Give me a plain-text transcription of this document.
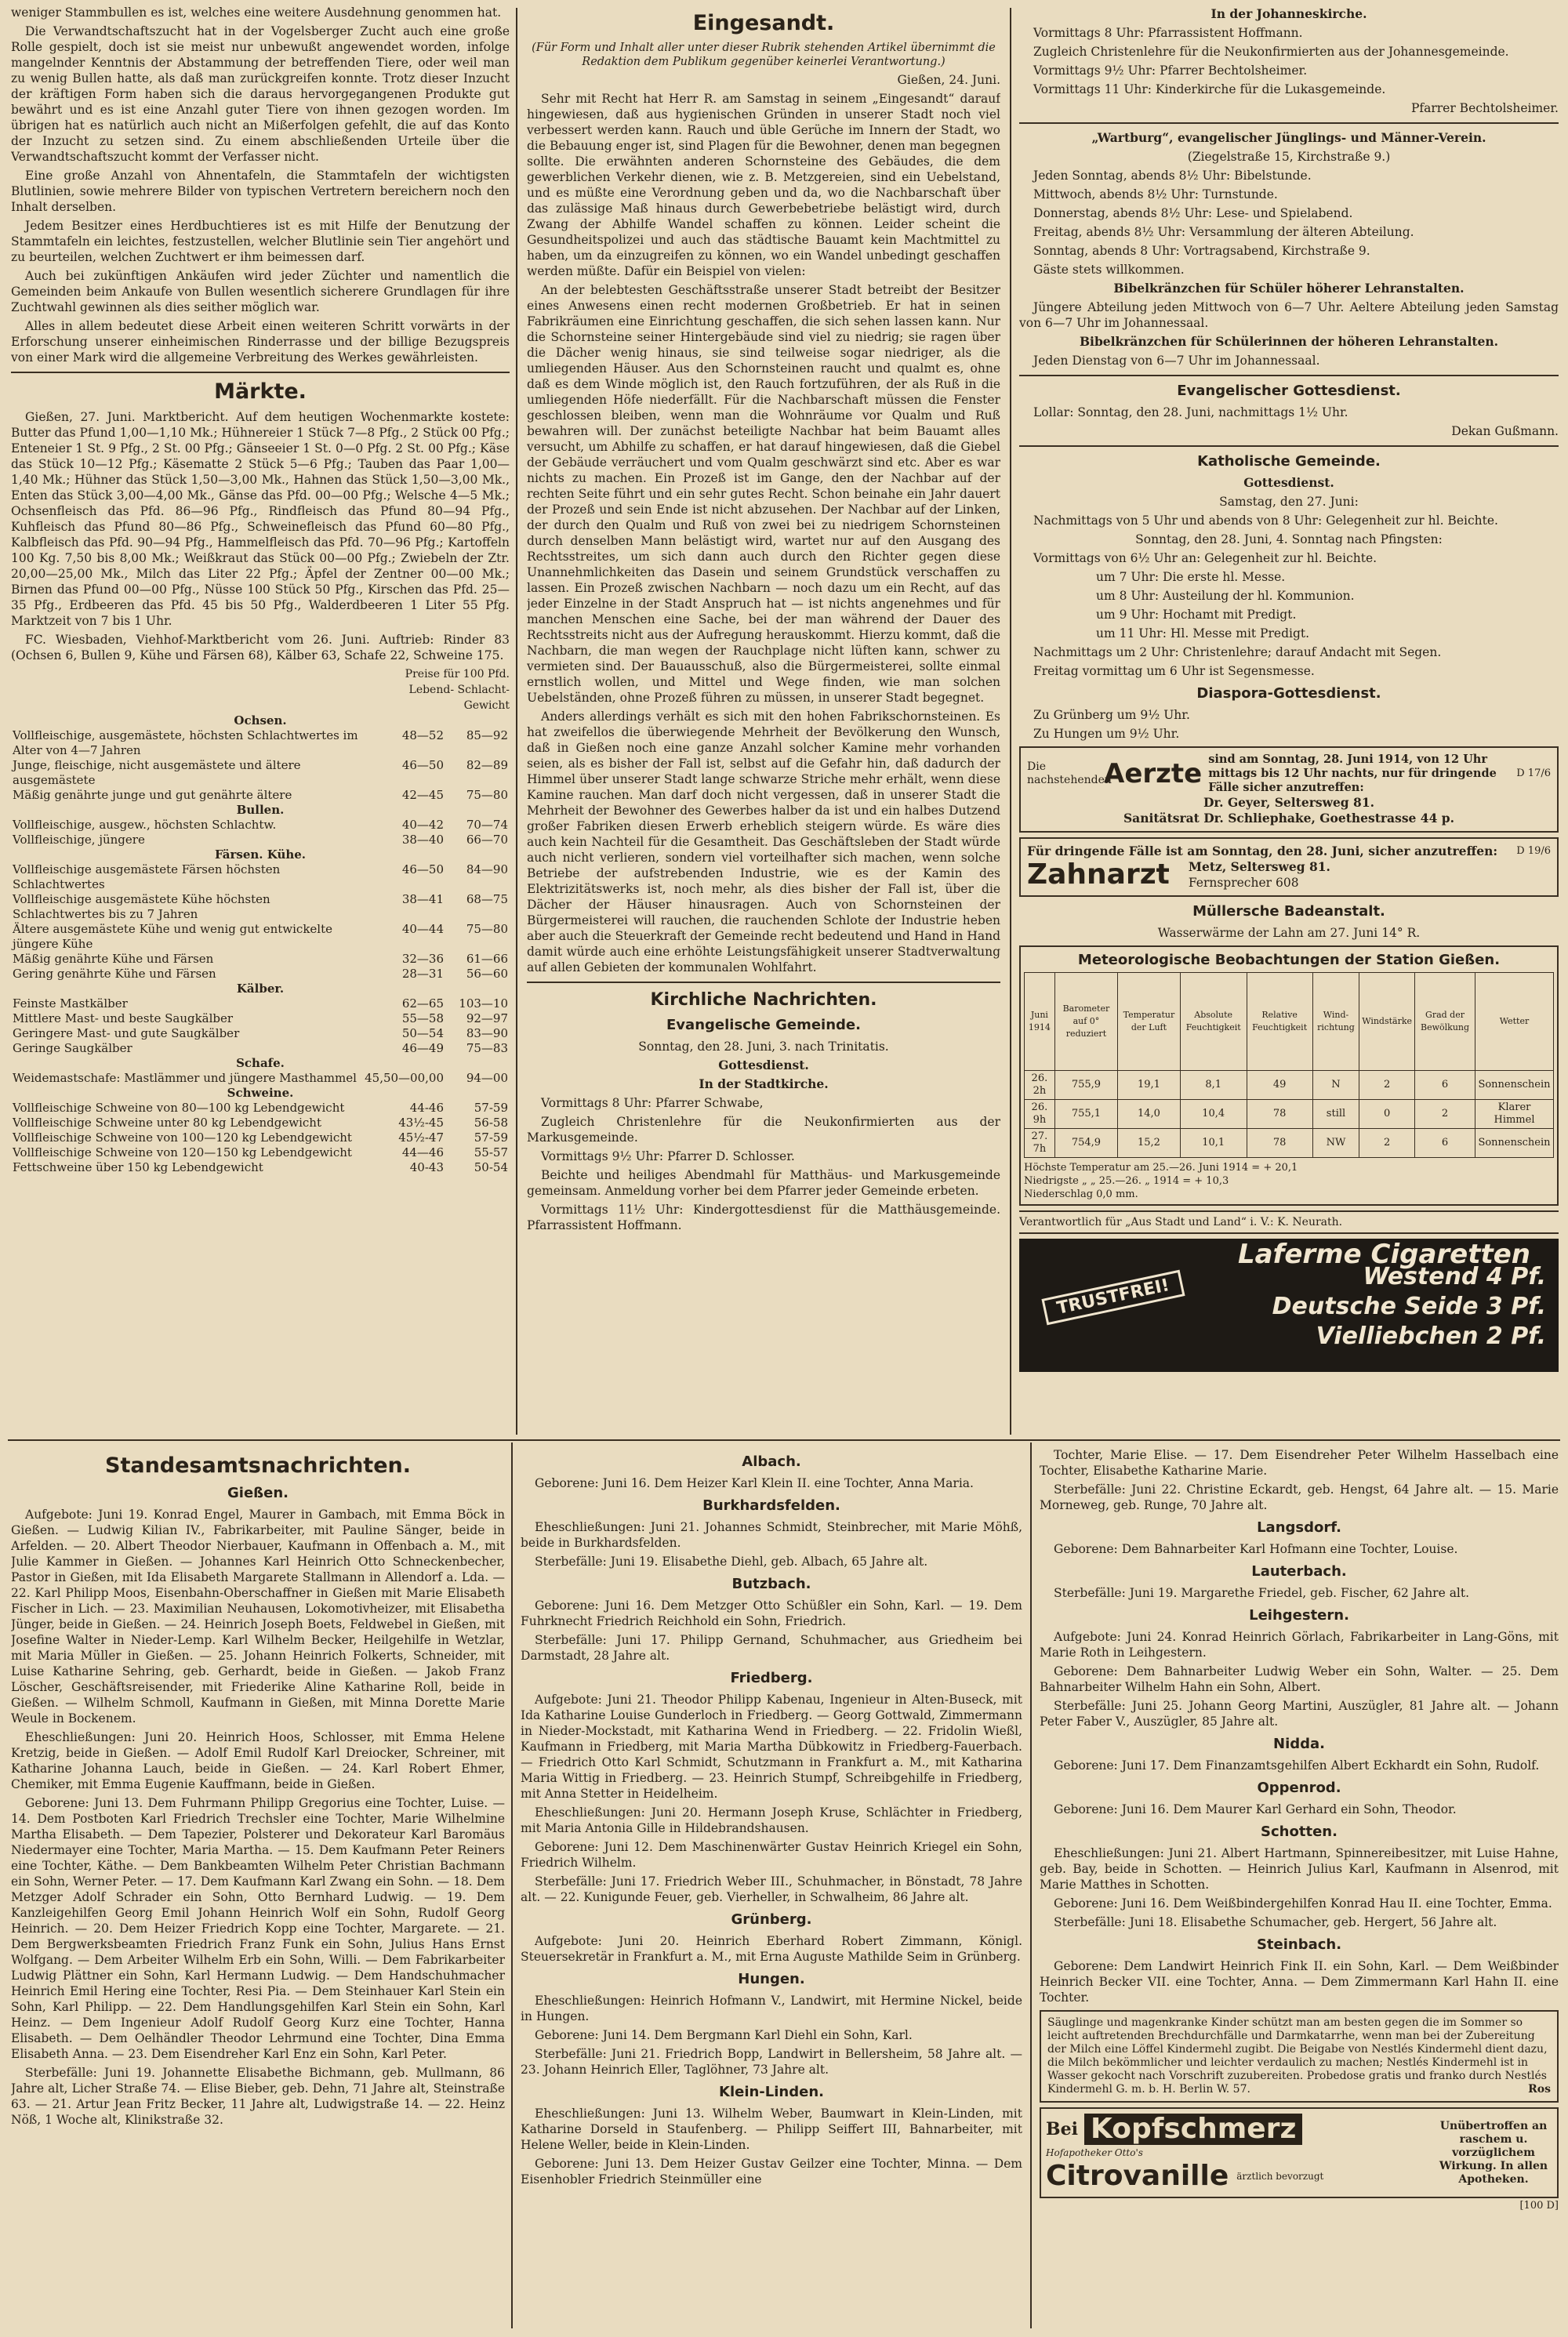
weniger Stammbullen es ist, welches eine weitere Ausdehnung genommen hat.

Die Verwandtschaftszucht hat in der Vogelsberger Zucht auch eine große Rolle gespielt, doch ist sie meist nur unbewußt angewendet worden, infolge mangelnder Kenntnis der Abstammung der betreffenden Tiere, oder weil man zu wenig Bullen hatte, als daß man zurückgreifen konnte. Trotz dieser Inzucht der kräftigen Form haben sich die daraus hervorgegangenen Produkte gut bewährt und es ist eine Anzahl guter Tiere von ihnen gezogen worden. Im übrigen hat es natürlich auch nicht an Mißerfolgen gefehlt, die auf das Konto der Inzucht zu setzen sind. Zu einem abschließenden Urteile über die Verwandtschaftszucht kommt der Verfasser nicht.

Eine große Anzahl von Ahnentafeln, die Stammtafeln der wichtigsten Blutlinien, sowie mehrere Bilder von typischen Vertretern bereichern noch den Inhalt derselben.

Jedem Besitzer eines Herdbuchtieres ist es mit Hilfe der Benutzung der Stammtafeln ein leichtes, festzustellen, welcher Blutlinie sein Tier angehört und zu beurteilen, welchen Zuchtwert er ihm beimessen darf.

Auch bei zukünftigen Ankäufen wird jeder Züchter und namentlich die Gemeinden beim Ankaufe von Bullen wesentlich sicherere Grundlagen für ihre Zuchtwahl gewinnen als dies seither möglich war.

Alles in allem bedeutet diese Arbeit einen weiteren Schritt vorwärts in der Erforschung unserer einheimischen Rinderrasse und der billige Bezugspreis von einer Mark wird die allgemeine Verbreitung des Werkes gewährleisten.

Märkte.

Gießen, 27. Juni. Marktbericht. Auf dem heutigen Wochenmarkte kostete: Butter das Pfund 1,00—1,10 Mk.; Hühnereier 1 Stück 7—8 Pfg., 2 Stück 00 Pfg.; Enteneier 1 St. 9 Pfg., 2 St. 00 Pfg.; Gänseeier 1 St. 0—0 Pfg. 2 St. 00 Pfg.; Käse das Stück 10—12 Pfg.; Käsematte 2 Stück 5—6 Pfg.; Tauben das Paar 1,00—1,40 Mk.; Hühner das Stück 1,50—3,00 Mk., Hahnen das Stück 1,50—3,00 Mk., Enten das Stück 3,00—4,00 Mk., Gänse das Pfd. 00—00 Pfg.; Welsche 4—5 Mk.; Ochsenfleisch das Pfd. 86—96 Pfg., Rindfleisch das Pfund 80—94 Pfg., Kuhfleisch das Pfund 80—86 Pfg., Schweinefleisch das Pfund 60—80 Pfg., Kalbfleisch das Pfd. 90—94 Pfg., Hammelfleisch das Pfd. 70—96 Pfg.; Kartoffeln 100 Kg. 7,50 bis 8,00 Mk.; Weißkraut das Stück 00—00 Pfg.; Zwiebeln der Ztr. 20,00—25,00 Mk., Milch das Liter 22 Pfg.; Äpfel der Zentner 00—00 Mk.; Birnen das Pfund 00—00 Pfg., Nüsse 100 Stück 50 Pfg., Kirschen das Pfd. 25—35 Pfg., Erdbeeren das Pfd. 45 bis 50 Pfg., Walderdbeeren 1 Liter 55 Pfg. Marktzeit von 7 bis 1 Uhr.

FC. Wiesbaden, Viehhof-Marktbericht vom 26. Juni. Auftrieb: Rinder 83 (Ochsen 6, Bullen 9, Kühe und Färsen 68), Kälber 63, Schafe 22, Schweine 175.

Preise für 100 Pfd.
Lebend- Schlacht-
Gewicht
Ochsen.		
Vollfleischige, ausgemästete, höchsten Schlachtwertes im Alter von 4—7 Jahren	48—52	85—92
Junge, fleischige, nicht ausgemästete und ältere ausgemästete	46—50	82—89
Mäßig genährte junge und gut genährte ältere	42—45	75—80
Bullen.		
Vollfleischige, ausgew., höchsten Schlachtw.	40—42	70—74
Vollfleischige, jüngere	38—40	66—70
Färsen. Kühe.		
Vollfleischige ausgemästete Färsen höchsten Schlachtwertes	46—50	84—90
Vollfleischige ausgemästete Kühe höchsten Schlachtwertes bis zu 7 Jahren	38—41	68—75
Ältere ausgemästete Kühe und wenig gut entwickelte jüngere Kühe	40—44	75—80
Mäßig genährte Kühe und Färsen	32—36	61—66
Gering genährte Kühe und Färsen	28—31	56—60
Kälber.		
Feinste Mastkälber	62—65	103—10
Mittlere Mast- und beste Saugkälber	55—58	92—97
Geringere Mast- und gute Saugkälber	50—54	83—90
Geringe Saugkälber	46—49	75—83
Schafe.		
Weidemastschafe: Mastlämmer und jüngere Masthammel	45,50—00,00	94—00
Schweine.		
Vollfleischige Schweine von 80—100 kg Lebendgewicht	44-46	57-59
Vollfleischige Schweine unter 80 kg Lebendgewicht	43½-45	56-58
Vollfleischige Schweine von 100—120 kg Lebendgewicht	45½-47	57-59
Vollfleischige Schweine von 120—150 kg Lebendgewicht	44—46	55-57
Fettschweine über 150 kg Lebendgewicht	40-43	50-54
Eingesandt.
(Für Form und Inhalt aller unter dieser Rubrik stehenden Artikel übernimmt die Redaktion dem Publikum gegenüber keinerlei Verantwortung.)
Gießen, 24. Juni.

Sehr mit Recht hat Herr R. am Samstag in seinem „Eingesandt“ darauf hingewiesen, daß aus hygienischen Gründen in unserer Stadt noch viel verbessert werden kann. Rauch und üble Gerüche im Innern der Stadt, wo die Bebauung enger ist, sind Plagen für die Bewohner, denen man begegnen sollte. Die erwähnten anderen Schornsteine des Gebäudes, die dem gewerblichen Verkehr dienen, wie z. B. Metzgereien, sind ein Uebelstand, und es müßte eine Verordnung geben und da, wo die Nachbarschaft über das zulässige Maß hinaus durch Gewerbebetriebe belästigt wird, durch Zwang der Abhilfe Wandel schaffen zu können. Leider scheint die Gesundheitspolizei und auch das städtische Bauamt kein Machtmittel zu haben, um da einzugreifen zu können, wo ein Wandel unbedingt geschaffen werden müßte. Dafür ein Beispiel von vielen:

An der belebtesten Geschäftsstraße unserer Stadt betreibt der Besitzer eines Anwesens einen recht modernen Großbetrieb. Er hat in seinen Fabrikräumen eine Einrichtung geschaffen, die sich sehen lassen kann. Nur die Schornsteine seiner Hintergebäude sind viel zu niedrig; sie ragen über die Dächer wenig hinaus, sie sind teilweise sogar niedriger, als die umliegenden Häuser. Aus den Schornsteinen raucht und qualmt es, ohne daß es dem Winde möglich ist, den Rauch fortzuführen, der als Ruß in die umliegenden Höfe niederfällt. Für die Nachbarschaft müssen die Fenster geschlossen bleiben, wenn man die Wohnräume vor Qualm und Ruß bewahren will. Der zunächst beteiligte Nachbar hat beim Bauamt alles versucht, um Abhilfe zu schaffen, er hat darauf hingewiesen, daß die Giebel der Gebäude verräuchert und vom Qualm geschwärzt sind etc. Aber es war nichts zu machen. Ein Prozeß ist im Gange, den der Nachbar auf der rechten Seite führt und ein sehr gutes Recht. Schon beinahe ein Jahr dauert der Prozeß und sein Ende ist nicht abzusehen. Der Nachbar auf der Linken, der durch den Qualm und Ruß von zwei bei zu niedrigem Schornsteinen durch denselben Mann belästigt wird, wartet nur auf den Ausgang des Rechtsstreites, um sich dann auch durch den Richter gegen diese Unannehmlichkeiten das Dasein und seinem Grundstück verschaffen zu lassen. Ein Prozeß zwischen Nachbarn — noch dazu um ein Recht, auf das jeder Einzelne in der Stadt Anspruch hat — ist nichts angenehmes und für manchen Menschen eine Sache, bei der man während der Dauer des Rechtsstreits nicht aus der Aufregung herauskommt. Hierzu kommt, daß die Nachbarn, die man wegen der Rauchplage nicht lüften kann, schwer zu vermieten sind. Der Bauausschuß, also die Bürgermeisterei, sollte einmal ernstlich wollen, und Mittel und Wege finden, wie man solchen Uebelständen, ohne Prozeß führen zu müssen, in unserer Stadt begegnet.

Anders allerdings verhält es sich mit den hohen Fabrikschornsteinen. Es hat zweifellos die überwiegende Mehrheit der Bevölkerung den Wunsch, daß in Gießen noch eine ganze Anzahl solcher Kamine mehr vorhanden seien, als es bisher der Fall ist, selbst auf die Gefahr hin, daß dadurch der Himmel über unserer Stadt lange schwarze Striche mehr erhält, wenn diese Kamine rauchen. Man darf doch nicht vergessen, daß in unserer Stadt die Mehrheit der Bewohner des Gewerbes halber da ist und ein halbes Dutzend großer Fabriken diesen Erwerb erheblich steigern würde. Es wäre dies auch kein Nachteil für die Gesamtheit. Das Geschäftsleben der Stadt würde auch nicht verlieren, sondern viel vorteilhafter sich machen, wenn solche Betriebe der aufstrebenden Industrie, wie es der Kamin des Elektrizitätswerks ist, noch mehr, als dies bisher der Fall ist, über die Dächer der Häuser hinausragen. Auch von Schornsteinen der Bürgermeisterei will rauchen, die rauchenden Schlote der Industrie heben aber auch die Steuerkraft der Gemeinde recht bedeutend und Hand in Hand damit würde auch eine erhöhte Leistungsfähigkeit unserer Stadtverwaltung auf allen Gebieten der kommunalen Wohlfahrt.

Kirchliche Nachrichten.
Evangelische Gemeinde.
Sonntag, den 28. Juni, 3. nach Trinitatis.
Gottesdienst.
In der Stadtkirche.

Vormittags 8 Uhr: Pfarrer Schwabe,

Zugleich Christenlehre für die Neukonfirmierten aus der Markusgemeinde.

Vormittags 9½ Uhr: Pfarrer D. Schlosser.

Beichte und heiliges Abendmahl für Matthäus- und Markusgemeinde gemeinsam. Anmeldung vorher bei dem Pfarrer jeder Gemeinde erbeten.

Vormittags 11½ Uhr: Kindergottesdienst für die Matthäusgemeinde. Pfarrassistent Hoffmann.

In der Johanneskirche.

Vormittags 8 Uhr: Pfarrassistent Hoffmann.

Zugleich Christenlehre für die Neukonfirmierten aus der Johannesgemeinde.

Vormittags 9½ Uhr: Pfarrer Bechtolsheimer.

Vormittags 11 Uhr: Kinderkirche für die Lukasgemeinde.

Pfarrer Bechtolsheimer.

„Wartburg“, evangelischer Jünglings- und Männer-Verein.
(Ziegelstraße 15, Kirchstraße 9.)

Jeden Sonntag, abends 8½ Uhr: Bibelstunde.

Mittwoch, abends 8½ Uhr: Turnstunde.

Donnerstag, abends 8½ Uhr: Lese- und Spielabend.

Freitag, abends 8½ Uhr: Versammlung der älteren Abteilung.

Sonntag, abends 8 Uhr: Vortragsabend, Kirchstraße 9.

Gäste stets willkommen.

Bibelkränzchen für Schüler höherer Lehranstalten.

Jüngere Abteilung jeden Mittwoch von 6—7 Uhr. Aeltere Abteilung jeden Samstag von 6—7 Uhr im Johannessaal.

Bibelkränzchen für Schülerinnen der höheren Lehranstalten.

Jeden Dienstag von 6—7 Uhr im Johannessaal.

Evangelischer Gottesdienst.

Lollar: Sonntag, den 28. Juni, nachmittags 1½ Uhr.

Dekan Gußmann.

Katholische Gemeinde.
Gottesdienst.
Samstag, den 27. Juni:

Nachmittags von 5 Uhr und abends von 8 Uhr: Gelegenheit zur hl. Beichte.

Sonntag, den 28. Juni, 4. Sonntag nach Pfingsten:

Vormittags von 6½ Uhr an: Gelegenheit zur hl. Beichte.

um 7 Uhr: Die erste hl. Messe.

um 8 Uhr: Austeilung der hl. Kommunion.

um 9 Uhr: Hochamt mit Predigt.

um 11 Uhr: Hl. Messe mit Predigt.

Nachmittags um 2 Uhr: Christenlehre; darauf Andacht mit Segen.

Freitag vormittag um 6 Uhr ist Segensmesse.

Diaspora-Gottesdienst.

Zu Grünberg um 9½ Uhr.

Zu Hungen um 9½ Uhr.

Die nachstehenden
Aerzte sind am Sonntag, 28. Juni 1914, von 12 Uhr mittags bis 12 Uhr nachts, nur für dringende Fälle sicher anzutreffen:
D 17/6
Dr. Geyer, Seltersweg 81.
Sanitätsrat Dr. Schliephake, Goethestrasse 44 p.
Für dringende Fälle ist am Sonntag, den 28. Juni, sicher anzutreffen:	D 19/6
Zahnarzt Metz, Seltersweg 81.
Fernsprecher 608
Müllersche Badeanstalt.
Wasserwärme der Lahn am 27. Juni 14° R.
Meteorologische Beobachtungen der Station Gießen.
Juni 1914	Barometer auf 0° reduziert	Temperatur der Luft	Absolute Feuchtigkeit	Relative Feuchtigkeit	Wind-richtung	Windstärke	Grad der Bewölkung	Wetter
26. 2h	755,9	19,1	8,1	49	N	2	6	Sonnenschein
26. 9h	755,1	14,0	10,4	78	still	0	2	Klarer Himmel
27. 7h	754,9	15,2	10,1	78	NW	2	6	Sonnenschein
Höchste Temperatur am 25.—26. Juni 1914 = + 20,1
Niedrigste „ „ 25.—26. „ 1914 = + 10,3
Niederschlag 0,0 mm.
Verantwortlich für „Aus Stadt und Land“ i. V.: K. Neurath.
Laferme Cigaretten
TRUSTFREI!	Westend 4 Pf.
Deutsche Seide 3 Pf.
Vielliebchen 2 Pf.
Standesamtsnachrichten.
Gießen.

Aufgebote: Juni 19. Konrad Engel, Maurer in Gambach, mit Emma Böck in Gießen. — Ludwig Kilian IV., Fabrikarbeiter, mit Pauline Sänger, beide in Arfelden. — 20. Albert Theodor Nierbauer, Kaufmann in Offenbach a. M., mit Julie Kammer in Gießen. — Johannes Karl Heinrich Otto Schneckenbecher, Pastor in Gießen, mit Ida Elisabeth Margarete Stallmann in Allendorf a. Lda. — 22. Karl Philipp Moos, Eisenbahn-Oberschaffner in Gießen mit Marie Elisabeth Fischer in Lich. — 23. Maximilian Neuhausen, Lokomotivheizer, mit Elisabetha Jünger, beide in Gießen. — 24. Heinrich Joseph Boets, Feldwebel in Gießen, mit Josefine Walter in Nieder-Lemp. Karl Wilhelm Becker, Heilgehilfe in Wetzlar, mit Maria Müller in Gießen. — 25. Johann Heinrich Folkerts, Schneider, mit Luise Katharine Sehring, geb. Gerhardt, beide in Gießen. — Jakob Franz Löscher, Geschäftsreisender, mit Friederike Aline Katharine Roll, beide in Gießen. — Wilhelm Schmoll, Kaufmann in Gießen, mit Minna Dorette Marie Weule in Bockenem.

Eheschließungen: Juni 20. Heinrich Hoos, Schlosser, mit Emma Helene Kretzig, beide in Gießen. — Adolf Emil Rudolf Karl Dreiocker, Schreiner, mit Katharine Johanna Lauch, beide in Gießen. — 24. Karl Robert Ehmer, Chemiker, mit Emma Eugenie Kauffmann, beide in Gießen.

Geborene: Juni 13. Dem Fuhrmann Philipp Gregorius eine Tochter, Luise. — 14. Dem Postboten Karl Friedrich Trechsler eine Tochter, Marie Wilhelmine Martha Elisabeth. — Dem Tapezier, Polsterer und Dekorateur Karl Baromäus Niedermayer eine Tochter, Maria Martha. — 15. Dem Kaufmann Peter Reiners eine Tochter, Käthe. — Dem Bankbeamten Wilhelm Peter Christian Bachmann ein Sohn, Werner Peter. — 17. Dem Kaufmann Karl Zwang ein Sohn. — 18. Dem Metzger Adolf Schrader ein Sohn, Otto Bernhard Ludwig. — 19. Dem Kanzleigehilfen Georg Emil Johann Heinrich Wolf ein Sohn, Rudolf Georg Heinrich. — 20. Dem Heizer Friedrich Kopp eine Tochter, Margarete. — 21. Dem Bergwerksbeamten Friedrich Franz Funk ein Sohn, Julius Hans Ernst Wolfgang. — Dem Arbeiter Wilhelm Erb ein Sohn, Willi. — Dem Fabrikarbeiter Ludwig Plättner ein Sohn, Karl Hermann Ludwig. — Dem Handschuhmacher Heinrich Emil Hering eine Tochter, Resi Pia. — Dem Steinhauer Karl Stein ein Sohn, Karl Philipp. — 22. Dem Handlungsgehilfen Karl Stein ein Sohn, Karl Heinz. — Dem Ingenieur Adolf Rudolf Georg Kurz eine Tochter, Hanna Elisabeth. — Dem Oelhändler Theodor Lehrmund eine Tochter, Dina Emma Elisabeth Anna. — 23. Dem Eisendreher Karl Enz ein Sohn, Karl Peter.

Sterbefälle: Juni 19. Johannette Elisabethe Bichmann, geb. Mullmann, 86 Jahre alt, Licher Straße 74. — Elise Bieber, geb. Dehn, 71 Jahre alt, Steinstraße 63. — 21. Artur Jean Fritz Becker, 11 Jahre alt, Ludwigstraße 14. — 22. Heinz Nöß, 1 Woche alt, Klinikstraße 32.

Albach.

Geborene: Juni 16. Dem Heizer Karl Klein II. eine Tochter, Anna Maria.

Burkhardsfelden.

Eheschließungen: Juni 21. Johannes Schmidt, Steinbrecher, mit Marie Möhß, beide in Burkhardsfelden.

Sterbefälle: Juni 19. Elisabethe Diehl, geb. Albach, 65 Jahre alt.

Butzbach.

Geborene: Juni 16. Dem Metzger Otto Schüßler ein Sohn, Karl. — 19. Dem Fuhrknecht Friedrich Reichhold ein Sohn, Friedrich.

Sterbefälle: Juni 17. Philipp Gernand, Schuhmacher, aus Griedheim bei Darmstadt, 28 Jahre alt.

Friedberg.

Aufgebote: Juni 21. Theodor Philipp Kabenau, Ingenieur in Alten-Buseck, mit Ida Katharine Louise Gunderloch in Friedberg. — Georg Gottwald, Zimmermann in Nieder-Mockstadt, mit Katharina Wend in Friedberg. — 22. Fridolin Wießl, Kaufmann in Friedberg, mit Maria Martha Dübkowitz in Friedberg-Fauerbach. — Friedrich Otto Karl Schmidt, Schutzmann in Frankfurt a. M., mit Katharina Maria Wittig in Friedberg. — 23. Heinrich Stumpf, Schreibgehilfe in Friedberg, mit Anna Stetter in Heidelheim.

Eheschließungen: Juni 20. Hermann Joseph Kruse, Schlächter in Friedberg, mit Maria Antonia Gille in Hildebrandshausen.

Geborene: Juni 12. Dem Maschinenwärter Gustav Heinrich Kriegel ein Sohn, Friedrich Wilhelm.

Sterbefälle: Juni 17. Friedrich Weber III., Schuhmacher, in Bönstadt, 78 Jahre alt. — 22. Kunigunde Feuer, geb. Vierheller, in Schwalheim, 86 Jahre alt.

Grünberg.

Aufgebote: Juni 20. Heinrich Eberhard Robert Zimmann, Königl. Steuersekretär in Frankfurt a. M., mit Erna Auguste Mathilde Seim in Grünberg.

Hungen.

Eheschließungen: Heinrich Hofmann V., Landwirt, mit Hermine Nickel, beide in Hungen.

Geborene: Juni 14. Dem Bergmann Karl Diehl ein Sohn, Karl.

Sterbefälle: Juni 21. Friedrich Bopp, Landwirt in Bellersheim, 58 Jahre alt. — 23. Johann Heinrich Eller, Taglöhner, 73 Jahre alt.

Klein-Linden.

Eheschließungen: Juni 13. Wilhelm Weber, Baumwart in Klein-Linden, mit Katharine Dorseld in Staufenberg. — Philipp Seiffert III, Bahnarbeiter, mit Helene Weller, beide in Klein-Linden.

Geborene: Juni 13. Dem Heizer Gustav Geilzer eine Tochter, Minna. — Dem Eisenhobler Friedrich Steinmüller eine

Tochter, Marie Elise. — 17. Dem Eisendreher Peter Wilhelm Hasselbach eine Tochter, Elisabethe Katharine Marie.

Sterbefälle: Juni 22. Christine Eckardt, geb. Hengst, 64 Jahre alt. — 15. Marie Morneweg, geb. Runge, 70 Jahre alt.

Langsdorf.

Geborene: Dem Bahnarbeiter Karl Hofmann eine Tochter, Louise.

Lauterbach.

Sterbefälle: Juni 19. Margarethe Friedel, geb. Fischer, 62 Jahre alt.

Leihgestern.

Aufgebote: Juni 24. Konrad Heinrich Görlach, Fabrikarbeiter in Lang-Göns, mit Marie Roth in Leihgestern.

Geborene: Dem Bahnarbeiter Ludwig Weber ein Sohn, Walter. — 25. Dem Bahnarbeiter Wilhelm Hahn ein Sohn, Albert.

Sterbefälle: Juni 25. Johann Georg Martini, Auszügler, 81 Jahre alt. — Johann Peter Faber V., Auszügler, 85 Jahre alt.

Nidda.

Geborene: Juni 17. Dem Finanzamtsgehilfen Albert Eckhardt ein Sohn, Rudolf.

Oppenrod.

Geborene: Juni 16. Dem Maurer Karl Gerhard ein Sohn, Theodor.

Schotten.

Eheschließungen: Juni 21. Albert Hartmann, Spinnereibesitzer, mit Luise Hahne, geb. Bay, beide in Schotten. — Heinrich Julius Karl, Kaufmann in Alsenrod, mit Marie Matthes in Schotten.

Geborene: Juni 16. Dem Weißbindergehilfen Konrad Hau II. eine Tochter, Emma.

Sterbefälle: Juni 18. Elisabethe Schumacher, geb. Hergert, 56 Jahre alt.

Steinbach.

Geborene: Dem Landwirt Heinrich Fink II. ein Sohn, Karl. — Dem Weißbinder Heinrich Becker VII. eine Tochter, Anna. — Dem Zimmermann Karl Hahn II. eine Tochter.

Säuglinge und magenkranke Kinder schützt man am besten gegen die im Sommer so leicht auftretenden Brechdurchfälle und Darmkatarrhe, wenn man bei der Zubereitung der Milch eine Löffel Kindermehl zugibt. Die Beigabe von Nestlés Kindermehl dient dazu, die Milch bekömmlicher und leichter verdaulich zu machen; Nestlés Kindermehl ist in Wasser gekocht nach Vorschrift zuzubereiten. Probedose gratis und franko durch Nestlés Kindermehl G. m. b. H. Berlin W. 57.	Ros
Bei Kopfschmerz
Hofapotheker Otto's
Citrovanille ärztlich bevorzugt
Unübertroffen an raschem u. vorzüglichem Wirkung. In allen Apotheken.
[100 D]
